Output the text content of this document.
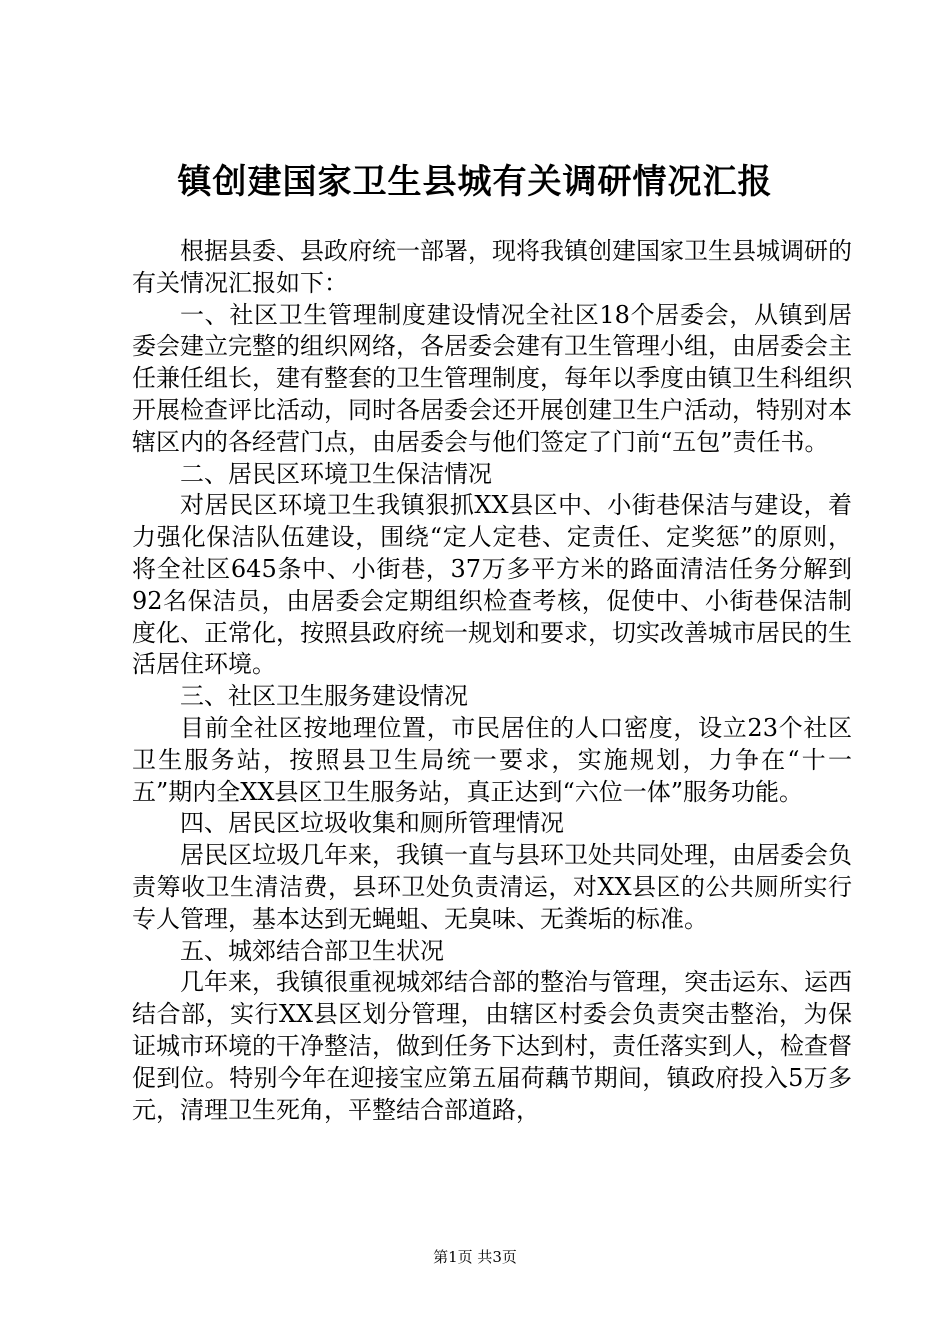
镇创建国家卫生县城有关调研情况汇报

根据县委、县政府统一部署，现将我镇创建国家卫生县城调研的有关情况汇报如下：

一、社区卫生管理制度建设情况全社区18个居委会，从镇到居委会建立完整的组织网络，各居委会建有卫生管理小组，由居委会主任兼任组长，建有整套的卫生管理制度，每年以季度由镇卫生科组织开展检查评比活动，同时各居委会还开展创建卫生户活动，特别对本辖区内的各经营门点，由居委会与他们签定了门前“五包”责任书。

二、居民区环境卫生保洁情况

对居民区环境卫生我镇狠抓XX县区中、小街巷保洁与建设，着力强化保洁队伍建设，围绕“定人定巷、定责任、定奖惩”的原则，将全社区645条中、小街巷，37万多平方米的路面清洁任务分解到92名保洁员，由居委会定期组织检查考核，促使中、小街巷保洁制度化、正常化，按照县政府统一规划和要求，切实改善城市居民的生活居住环境。

三、社区卫生服务建设情况

目前全社区按地理位置，市民居住的人口密度，设立23个社区卫生服务站，按照县卫生局统一要求，实施规划，力争在“十一五”期内全XX县区卫生服务站，真正达到“六位一体”服务功能。

四、居民区垃圾收集和厕所管理情况

居民区垃圾几年来，我镇一直与县环卫处共同处理，由居委会负责筹收卫生清洁费，县环卫处负责清运，对XX县区的公共厕所实行专人管理，基本达到无蝇蛆、无臭味、无粪垢的标准。

五、城郊结合部卫生状况

几年来，我镇很重视城郊结合部的整治与管理，突击运东、运西结合部，实行XX县区划分管理，由辖区村委会负责突击整治，为保证城市环境的干净整洁，做到任务下达到村，责任落实到人，检查督促到位。特别今年在迎接宝应第五届荷藕节期间，镇政府投入5万多元，清理卫生死角，平整结合部道路，

第1页 共3页
